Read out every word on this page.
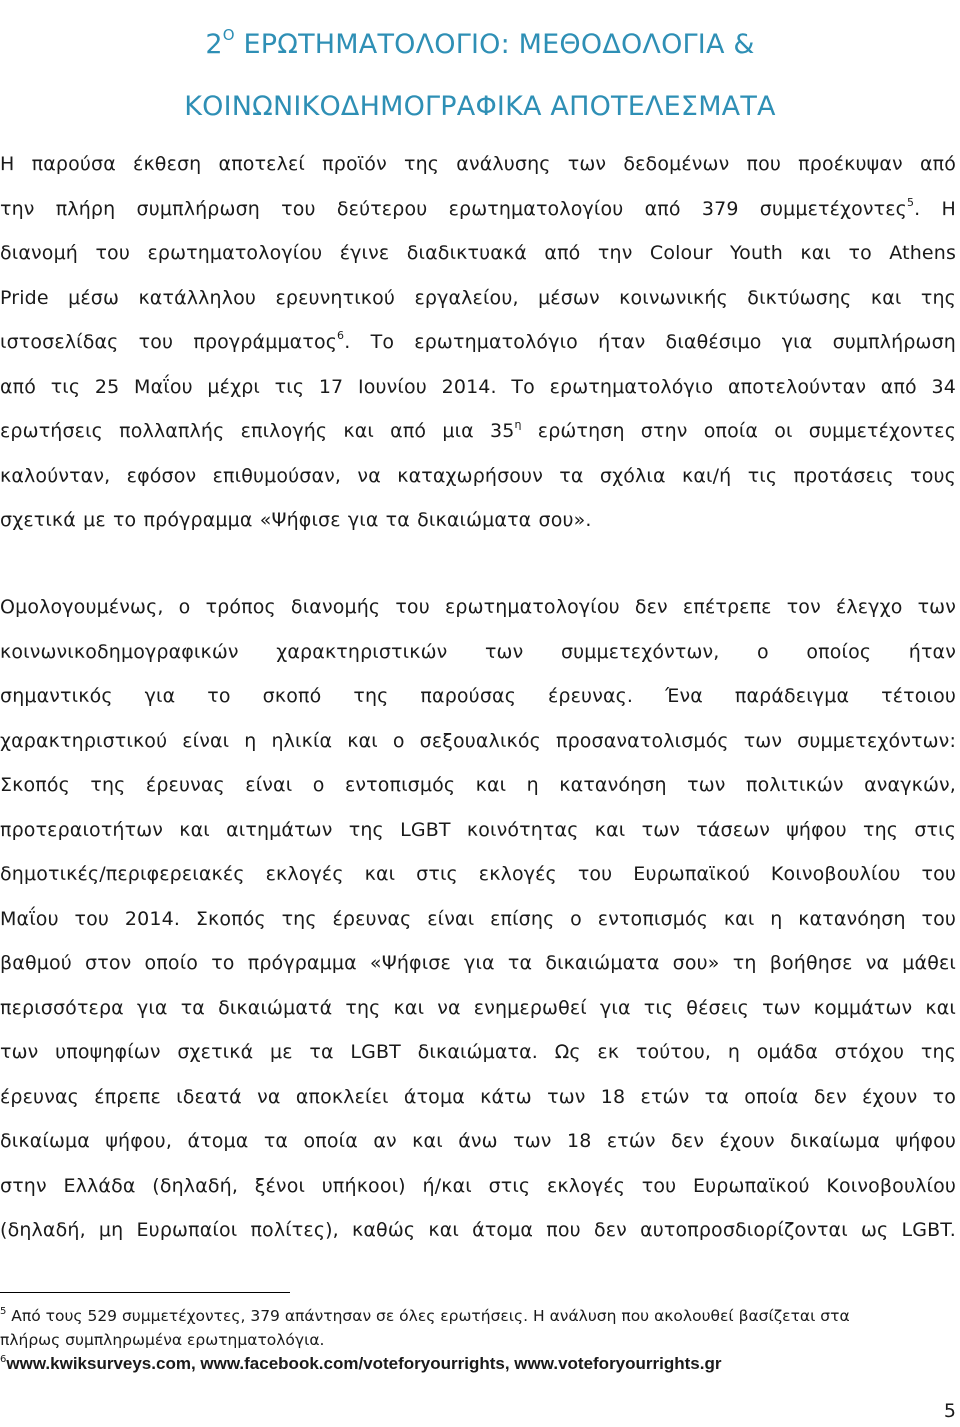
$2^O$ ΕΡΩΤΗΜΑΤΟΛΟΓΙΟ: ΜΕΘΟΔΟΛΟΓΙΑ &
ΚΟΙΝΩΝΙΚΟΔΗΜΟΓΡΑΦΙΚΑ ΑΠΟΤΕΛΕΣΜΑΤΑ
Η παρούσα έκθεση αποτελεί προϊόν της ανάλυσης των δεδομένων που προέκυψαν από
την πλήρη συμπλήρωση του δεύτερου ερωτηματολογίου από 379 συμμετέχοντες$^5$. Η
διανομή του ερωτηματολογίου έγινε διαδικτυακά από την Colour Youth και το Athens
Pride μέσω κατάλληλου ερευνητικού εργαλείου, μέσων κοινωνικής δικτύωσης και της
ιστοσελίδας του προγράμματος$^6$. Το ερωτηματολόγιο ήταν διαθέσιμο για συμπλήρωση
από τις 25 Μαΐου μέχρι τις 17 Ιουνίου 2014. Το ερωτηματολόγιο αποτελούνταν από 34
ερωτήσεις πολλαπλής επιλογής και από μια $35^\eta$ ερώτηση στην οποία οι συμμετέχοντες
καλούνταν, εφόσον επιθυμούσαν, να καταχωρήσουν τα σχόλια και/ή τις προτάσεις τους
σχετικά με το πρόγραμμα «Ψήφισε για τα δικαιώματα σου».
Ομολογουμένως, ο τρόπος διανομής του ερωτηματολογίου δεν επέτρεπε τον έλεγχο των
κοινωνικοδημογραφικών χαρακτηριστικών των συμμετεχόντων, ο οποίος ήταν
σημαντικός για το σκοπό της παρούσας έρευνας. Ένα παράδειγμα τέτοιου
χαρακτηριστικού είναι η ηλικία και ο σεξουαλικός προσανατολισμός των συμμετεχόντων:
Σκοπός της έρευνας είναι ο εντοπισμός και η κατανόηση των πολιτικών αναγκών,
προτεραιοτήτων και αιτημάτων της LGBT κοινότητας και των τάσεων ψήφου της στις
δημοτικές/περιφερειακές εκλογές και στις εκλογές του Ευρωπαϊκού Κοινοβουλίου του
Μαΐου του 2014. Σκοπός της έρευνας είναι επίσης ο εντοπισμός και η κατανόηση του
βαθμού στον οποίο το πρόγραμμα «Ψήφισε για τα δικαιώματα σου» τη βοήθησε να μάθει
περισσότερα για τα δικαιώματά της και να ενημερωθεί για τις θέσεις των κομμάτων και
των υποψηφίων σχετικά με τα LGBT δικαιώματα. Ως εκ τούτου, η ομάδα στόχου της
έρευνας έπρεπε ιδεατά να αποκλείει άτομα κάτω των 18 ετών τα οποία δεν έχουν το
δικαίωμα ψήφου, άτομα τα οποία αν και άνω των 18 ετών δεν έχουν δικαίωμα ψήφου
στην Ελλάδα (δηλαδή, ξένοι υπήκοοι) ή/και στις εκλογές του Ευρωπαϊκού Κοινοβουλίου
(δηλαδή, μη Ευρωπαίοι πολίτες), καθώς και άτομα που δεν αυτοπροσδιορίζονται ως LGBT.
$^5$ Από τους 529 συμμετέχοντες, 379 απάντησαν σε όλες ερωτήσεις. Η ανάλυση που ακολουθεί βασίζεται στα
πλήρως συμπληρωμένα ερωτηματολόγια.
$^6$www.kwiksurveys.com, www.facebook.com/voteforyourrights, www.voteforyourrights.gr
5
